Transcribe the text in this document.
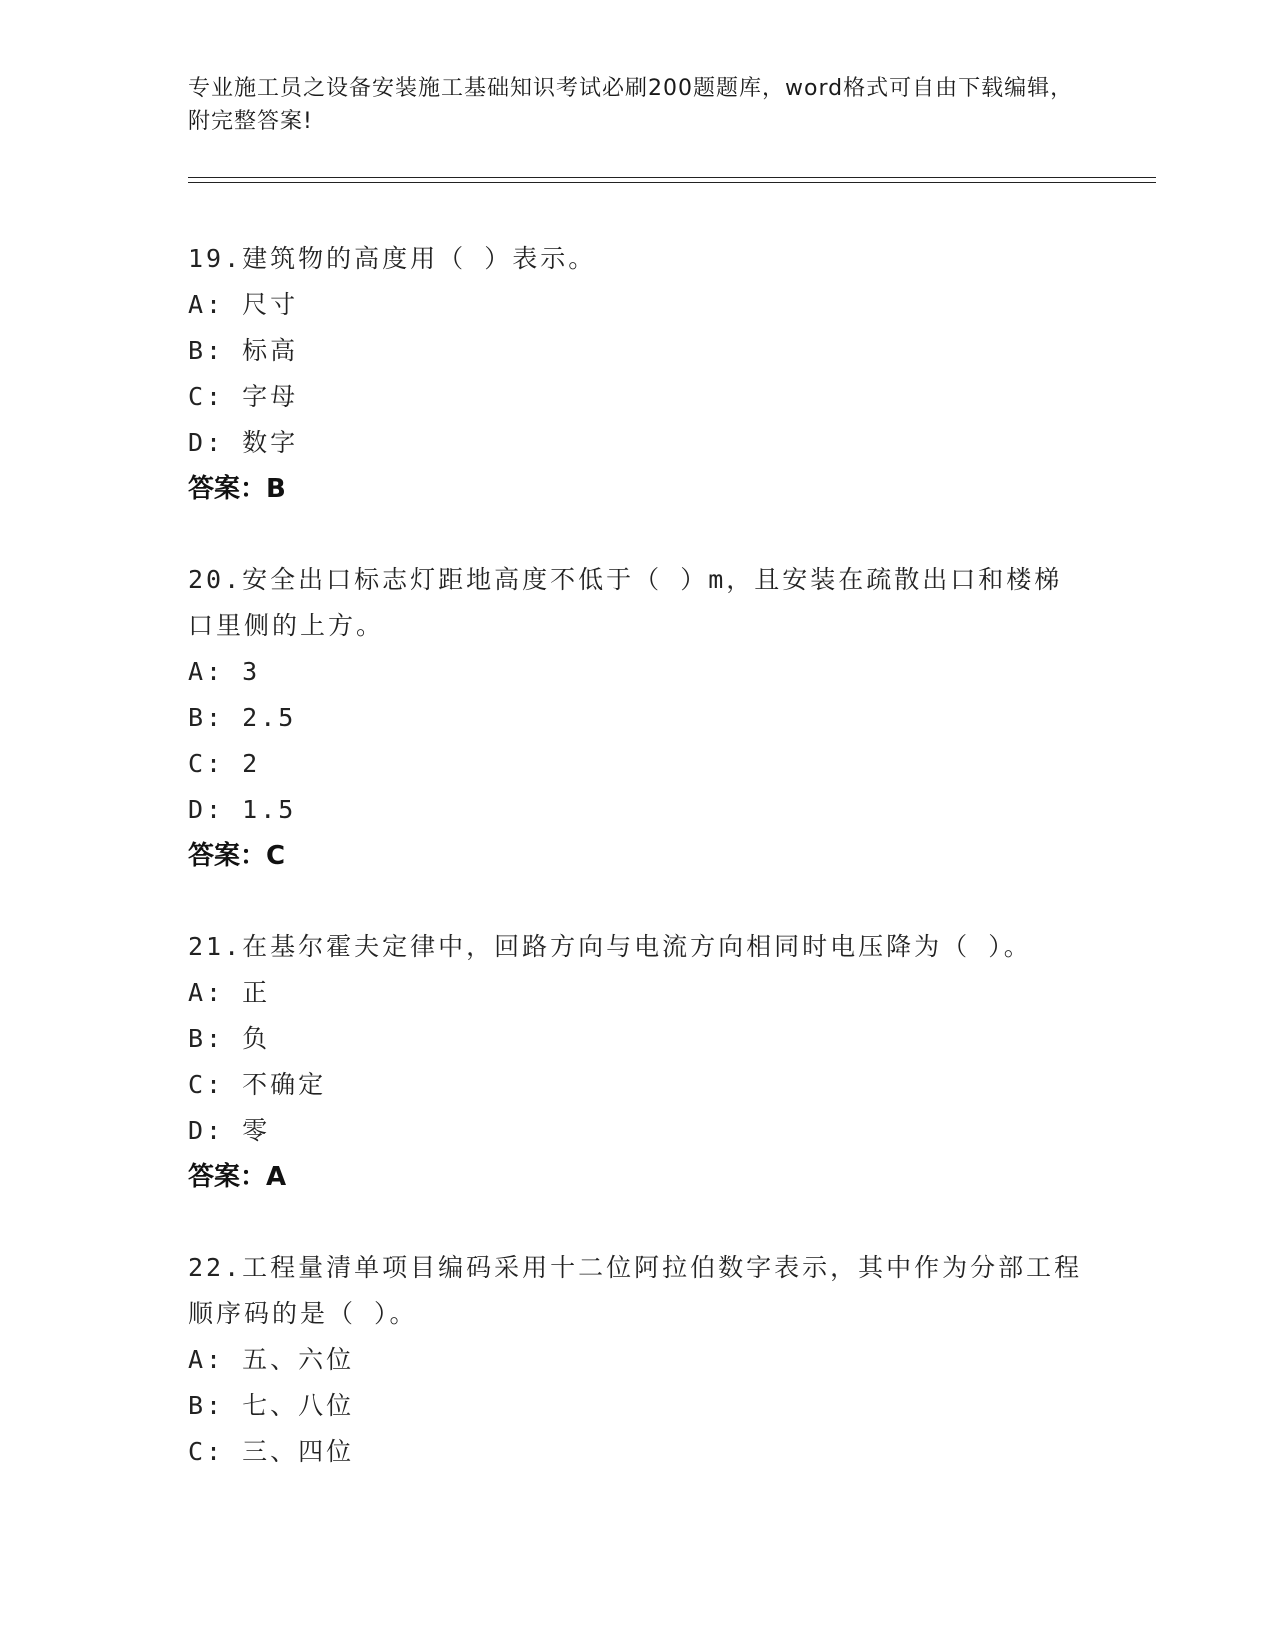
专业施工员之设备安装施工基础知识考试必刷200题题库，word格式可自由下载编辑，附完整答案!
19.建筑物的高度用（ ）表示。
A: 尺寸
B: 标高
C: 字母
D: 数字
答案：B
20.安全出口标志灯距地高度不低于（ ）m，且安装在疏散出口和楼梯口里侧的上方。
A: 3
B: 2.5
C: 2
D: 1.5
答案：C
21.在基尔霍夫定律中，回路方向与电流方向相同时电压降为（ ）。
A: 正
B: 负
C: 不确定
D: 零
答案：A
22.工程量清单项目编码采用十二位阿拉伯数字表示，其中作为分部工程顺序码的是（ ）。
A: 五、六位
B: 七、八位
C: 三、四位
